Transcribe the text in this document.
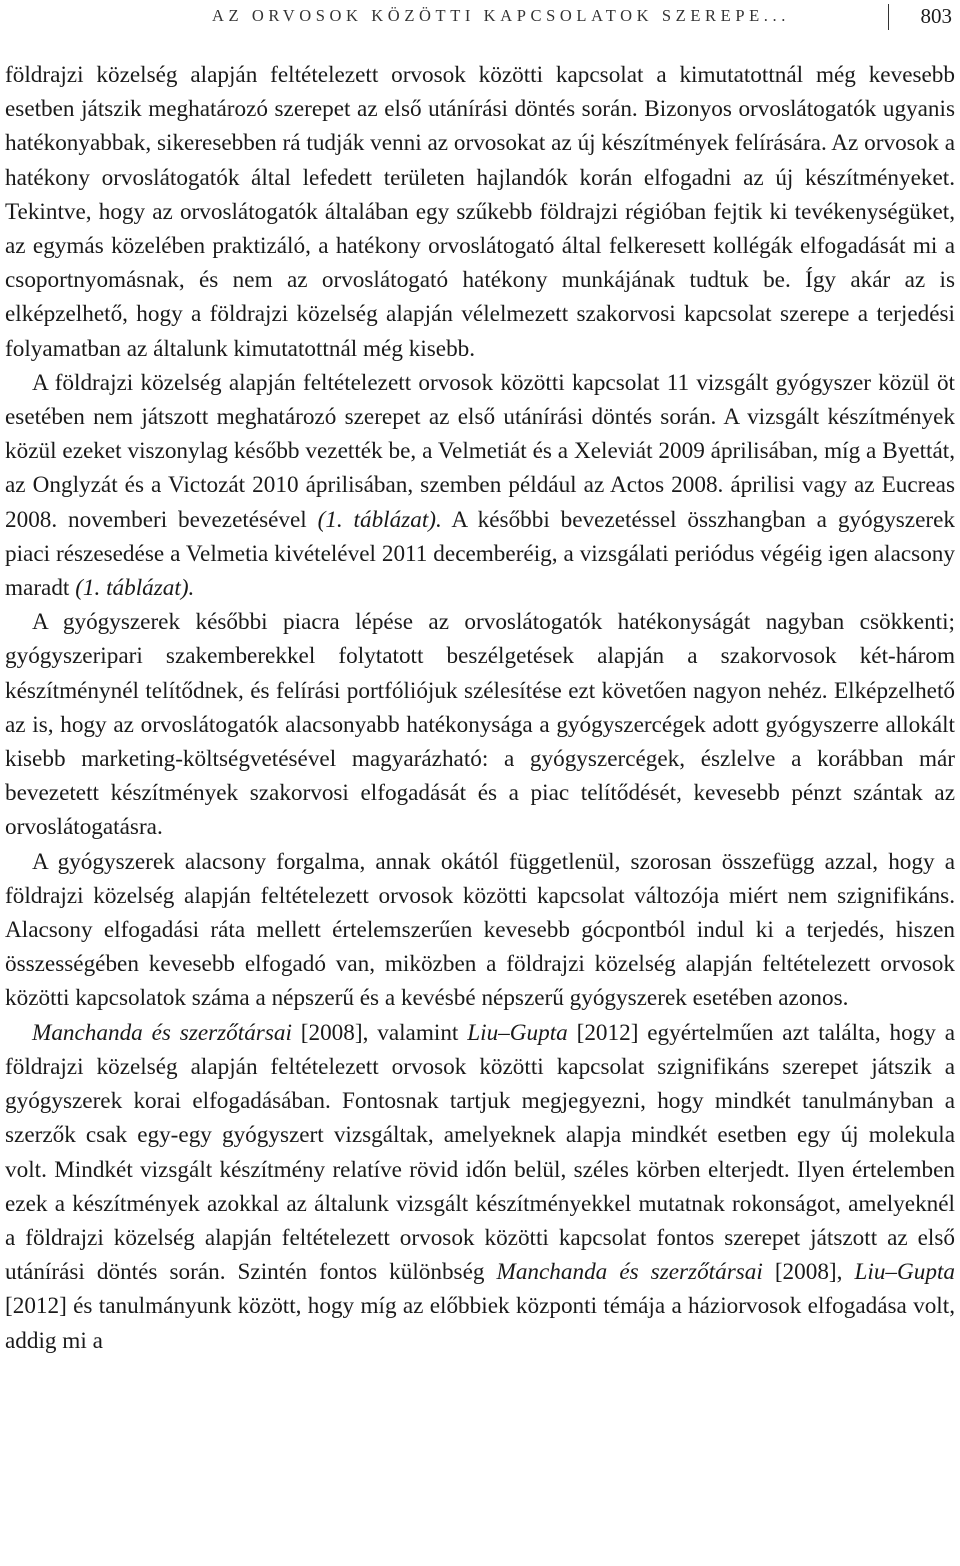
AZ ORVOSOK KÖZÖTTI KAPCSOLATOK SZEREPE...	803

földrajzi közelség alapján feltételezett orvosok közötti kapcsolat a kimutatottnál még kevesebb esetben játszik meghatározó szerepet az első utánírási döntés során. Bizonyos orvoslátogatók ugyanis hatékonyabbak, sikeresebben rá tudják venni az orvosokat az új készítmények felírására. Az orvosok a hatékony orvoslátogatók által lefedett területen hajlandók korán elfogadni az új készítményeket. Tekintve, hogy az orvoslátogatók általában egy szűkebb földrajzi régióban fejtik ki tevékenységüket, az egymás közelében praktizáló, a hatékony orvoslátogató által felkeresett kollégák elfogadását mi a csoportnyomásnak, és nem az orvoslátogató hatékony munkájának tudtuk be. Így akár az is elképzelhető, hogy a földrajzi közelség alapján vélelmezett szakorvosi kapcsolat szerepe a terjedési folyamatban az általunk kimutatottnál még kisebb.

A földrajzi közelség alapján feltételezett orvosok közötti kapcsolat 11 vizsgált gyógyszer közül öt esetében nem játszott meghatározó szerepet az első utánírási döntés során. A vizsgált készítmények közül ezeket viszonylag később vezették be, a Velmetiát és a Xeleviát 2009 áprilisában, míg a Byettát, az Onglyzát és a Victozát 2010 áprilisában, szemben például az Actos 2008. áprilisi vagy az Eucreas 2008. novemberi bevezetésével (1. táblázat). A későbbi bevezetéssel összhangban a gyógyszerek piaci részesedése a Velmetia kivételével 2011 decemberéig, a vizsgálati periódus végéig igen alacsony maradt (1. táblázat).

A gyógyszerek későbbi piacra lépése az orvoslátogatók hatékonyságát nagyban csökkenti; gyógyszeripari szakemberekkel folytatott beszélgetések alapján a szakorvosok két-három készítménynél telítődnek, és felírási portfóliójuk szélesítése ezt követően nagyon nehéz. Elképzelhető az is, hogy az orvoslátogatók alacsonyabb hatékonysága a gyógyszercégek adott gyógyszerre allokált kisebb marketing-költségvetésével magyarázható: a gyógyszercégek, észlelve a korábban már bevezetett készítmények szakorvosi elfogadását és a piac telítődését, kevesebb pénzt szántak az orvoslátogatásra.

A gyógyszerek alacsony forgalma, annak okától függetlenül, szorosan összefügg azzal, hogy a földrajzi közelség alapján feltételezett orvosok közötti kapcsolat változója miért nem szignifikáns. Alacsony elfogadási ráta mellett értelemszerűen kevesebb gócpontból indul ki a terjedés, hiszen összességében kevesebb elfogadó van, miközben a földrajzi közelség alapján feltételezett orvosok közötti kapcsolatok száma a népszerű és a kevésbé népszerű gyógyszerek esetében azonos.

Manchanda és szerzőtársai [2008], valamint Liu–Gupta [2012] egyértelműen azt találta, hogy a földrajzi közelség alapján feltételezett orvosok közötti kapcsolat szignifikáns szerepet játszik a gyógyszerek korai elfogadásában. Fontosnak tartjuk megjegyezni, hogy mindkét tanulmányban a szerzők csak egy-egy gyógyszert vizsgáltak, amelyeknek alapja mindkét esetben egy új molekula volt. Mindkét vizsgált készítmény relatíve rövid időn belül, széles körben elterjedt. Ilyen értelemben ezek a készítmények azokkal az általunk vizsgált készítményekkel mutatnak rokonságot, amelyeknél a földrajzi közelség alapján feltételezett orvosok közötti kapcsolat fontos szerepet játszott az első utánírási döntés során. Szintén fontos különbség Manchanda és szerzőtársai [2008], Liu–Gupta [2012] és tanulmányunk között, hogy míg az előbbiek központi témája a háziorvosok elfogadása volt, addig mi a
